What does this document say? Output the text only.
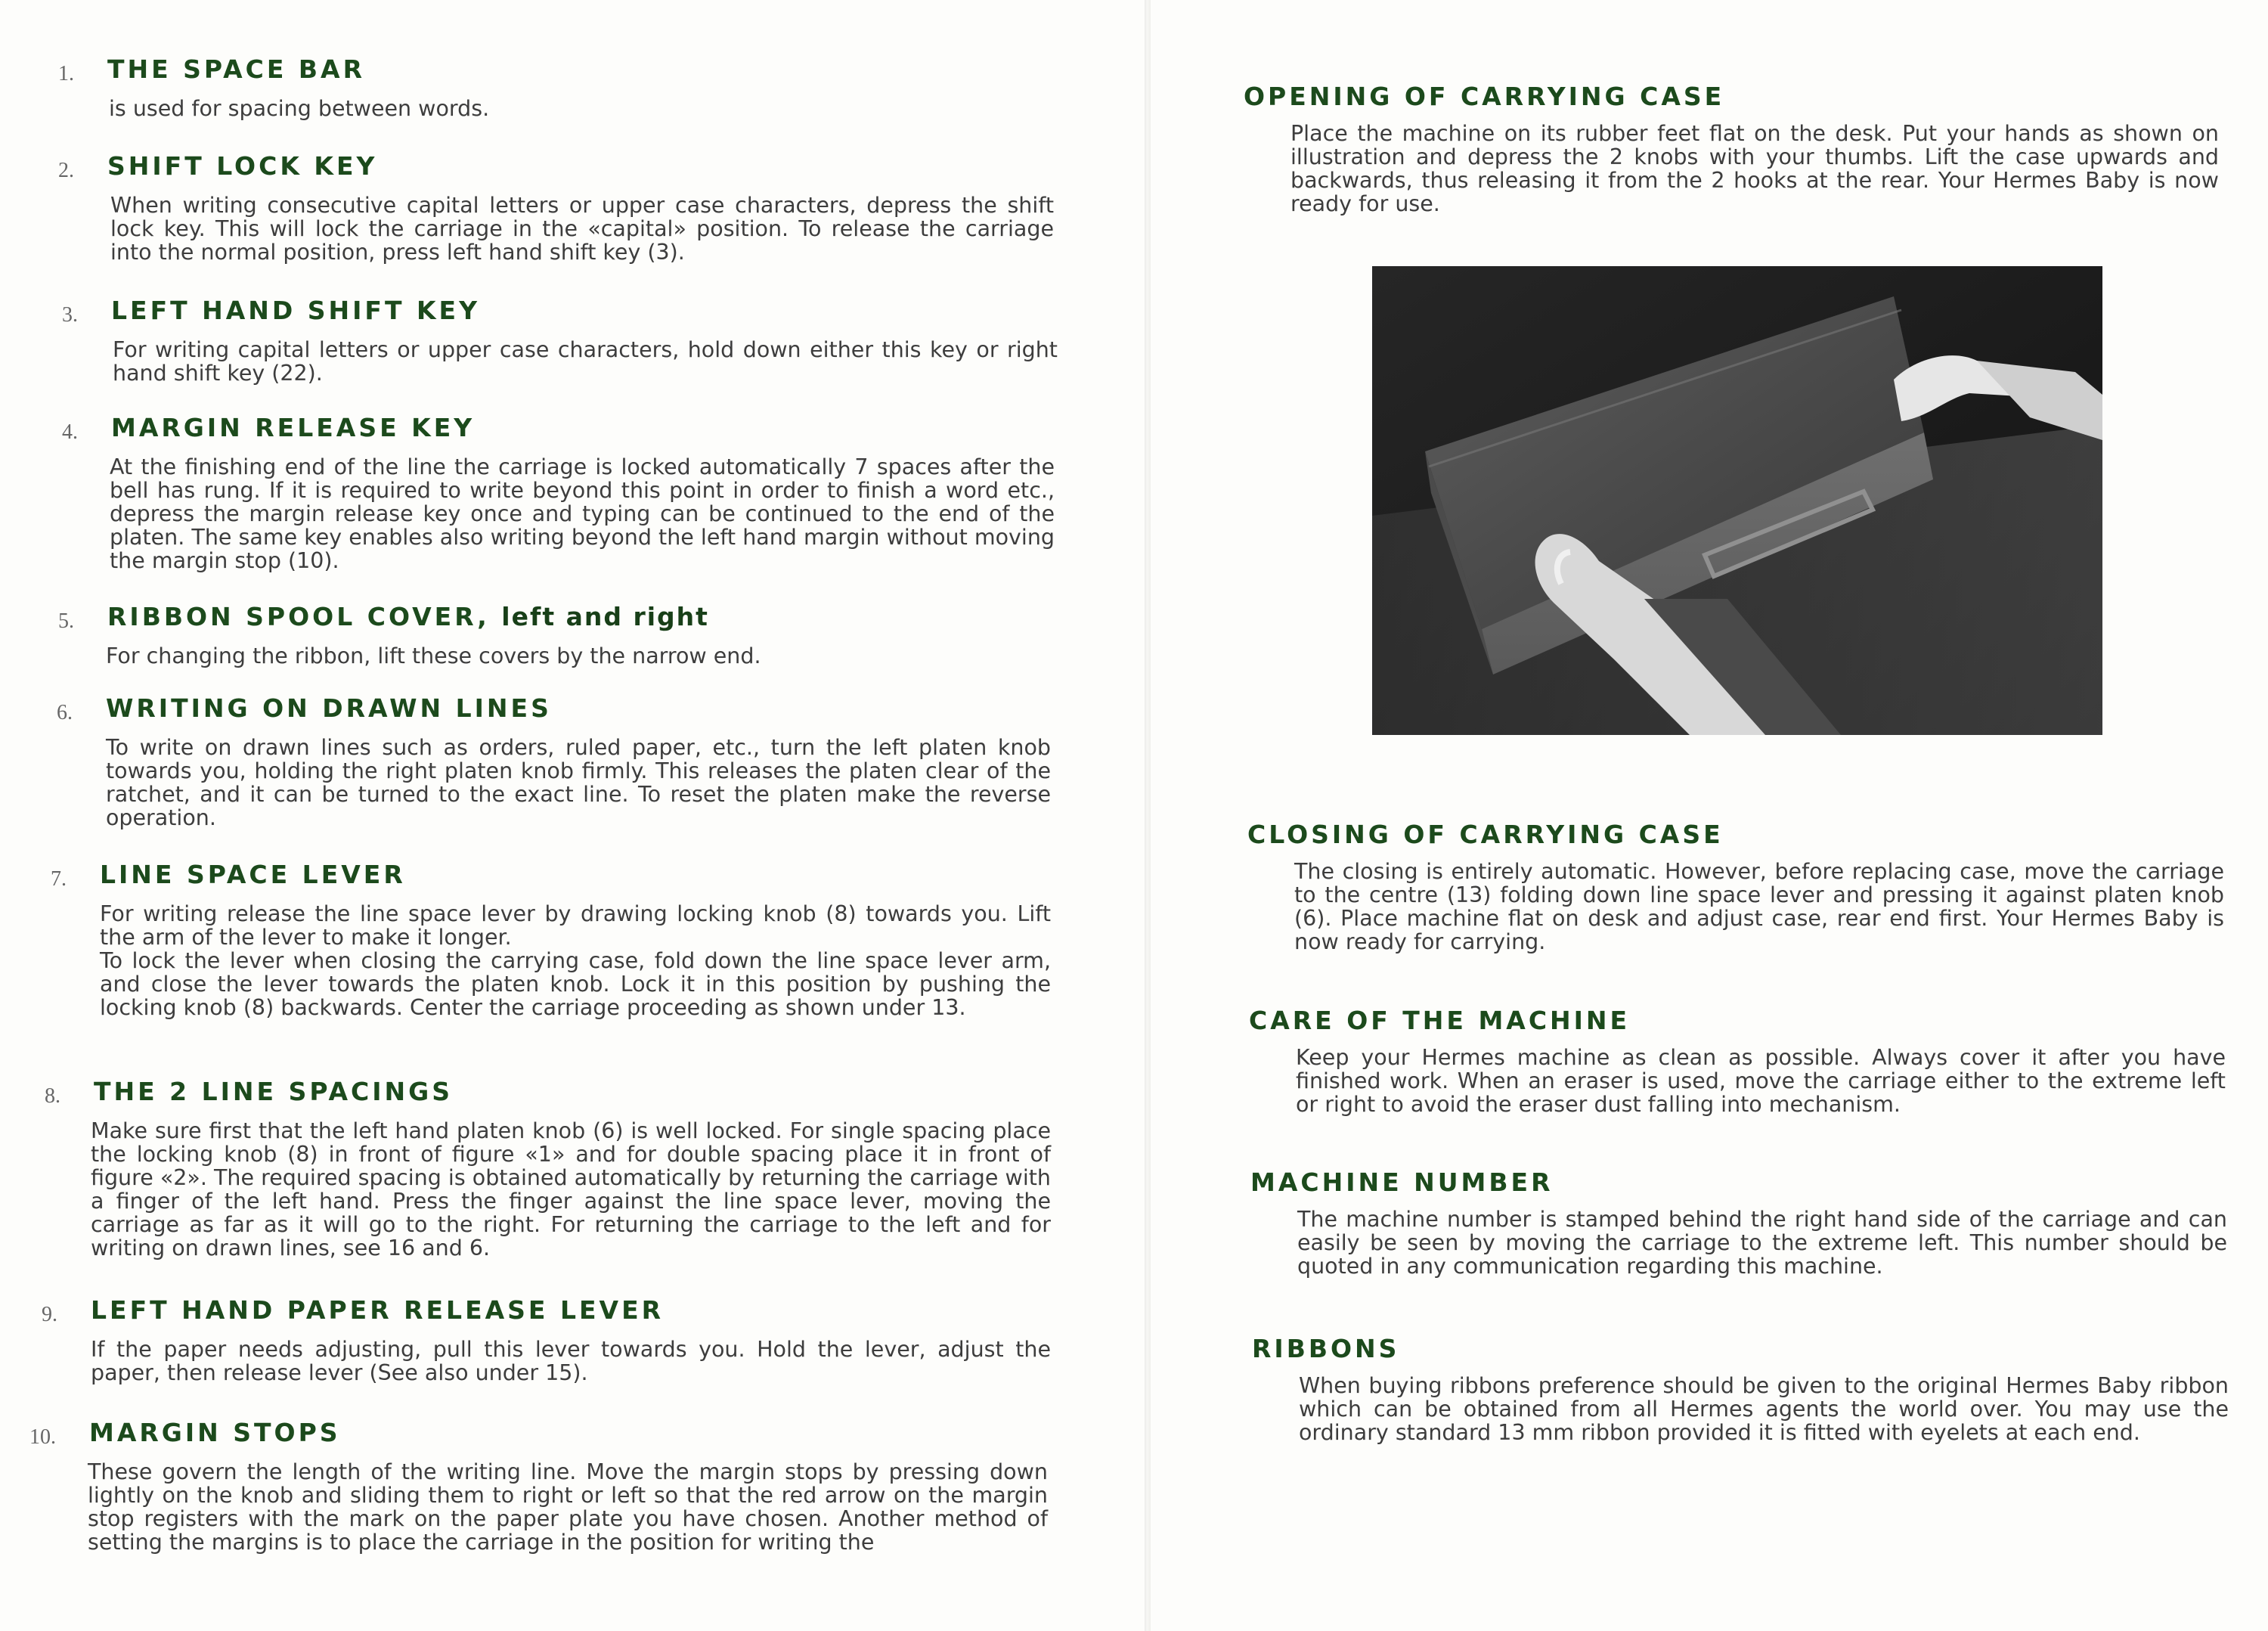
1. THE SPACE BAR

is used for spacing between words.

2. SHIFT LOCK KEY

When writing consecutive capital letters or upper case characters, depress the shift lock key. This will lock the carriage in the «capital» position. To release the carriage into the normal position, press left hand shift key (3).

3. LEFT HAND SHIFT KEY

For writing capital letters or upper case characters, hold down either this key or right hand shift key (22).

4. MARGIN RELEASE KEY

At the finishing end of the line the carriage is locked automatically 7 spaces after the bell has rung. If it is required to write beyond this point in order to finish a word etc., depress the margin release key once and typing can be continued to the end of the platen. The same key enables also writing beyond the left hand margin without moving the margin stop (10).

5. RIBBON SPOOL COVER, left and right

For changing the ribbon, lift these covers by the narrow end.

6. WRITING ON DRAWN LINES

To write on drawn lines such as orders, ruled paper, etc., turn the left platen knob towards you, holding the right platen knob firmly. This releases the platen clear of the ratchet, and it can be turned to the exact line. To reset the platen make the reverse operation.

7. LINE SPACE LEVER

For writing release the line space lever by drawing locking knob (8) towards you. Lift the arm of the lever to make it longer.

To lock the lever when closing the carrying case, fold down the line space lever arm, and close the lever towards the platen knob. Lock it in this position by pushing the locking knob (8) backwards. Center the carriage proceeding as shown under 13.

8. THE 2 LINE SPACINGS

Make sure first that the left hand platen knob (6) is well locked. For single spacing place the locking knob (8) in front of figure «1» and for double spacing place it in front of figure «2». The required spacing is obtained automatically by returning the carriage with a finger of the left hand. Press the finger against the line space lever, moving the carriage as far as it will go to the right. For returning the carriage to the left and for writing on drawn lines, see 16 and 6.

9. LEFT HAND PAPER RELEASE LEVER

If the paper needs adjusting, pull this lever towards you. Hold the lever, adjust the paper, then release lever (See also under 15).

10. MARGIN STOPS

These govern the length of the writing line. Move the margin stops by pressing down lightly on the knob and sliding them to right or left so that the red arrow on the margin stop registers with the mark on the paper plate you have chosen. Another method of setting the margins is to place the carriage in the position for writing the

OPENING OF CARRYING CASE
Place the machine on its rubber feet flat on the desk. Put your hands as shown on illustration and depress the 2 knobs with your thumbs. Lift the case upwards and backwards, thus releasing it from the 2 hooks at the rear. Your Hermes Baby is now ready for use.
CLOSING OF CARRYING CASE
The closing is entirely automatic. However, before replacing case, move the carriage to the centre (13) folding down line space lever and pressing it against platen knob (6). Place machine flat on desk and adjust case, rear end first. Your Hermes Baby is now ready for carrying.
CARE OF THE MACHINE
Keep your Hermes machine as clean as possible. Always cover it after you have finished work. When an eraser is used, move the carriage either to the extreme left or right to avoid the eraser dust falling into mechanism.
MACHINE NUMBER
The machine number is stamped behind the right hand side of the carriage and can easily be seen by moving the carriage to the extreme left. This number should be quoted in any communication regarding this machine.
RIBBONS
When buying ribbons preference should be given to the original Hermes Baby ribbon which can be obtained from all Hermes agents the world over. You may use the ordinary standard 13 mm ribbon provided it is fitted with eyelets at each end.
